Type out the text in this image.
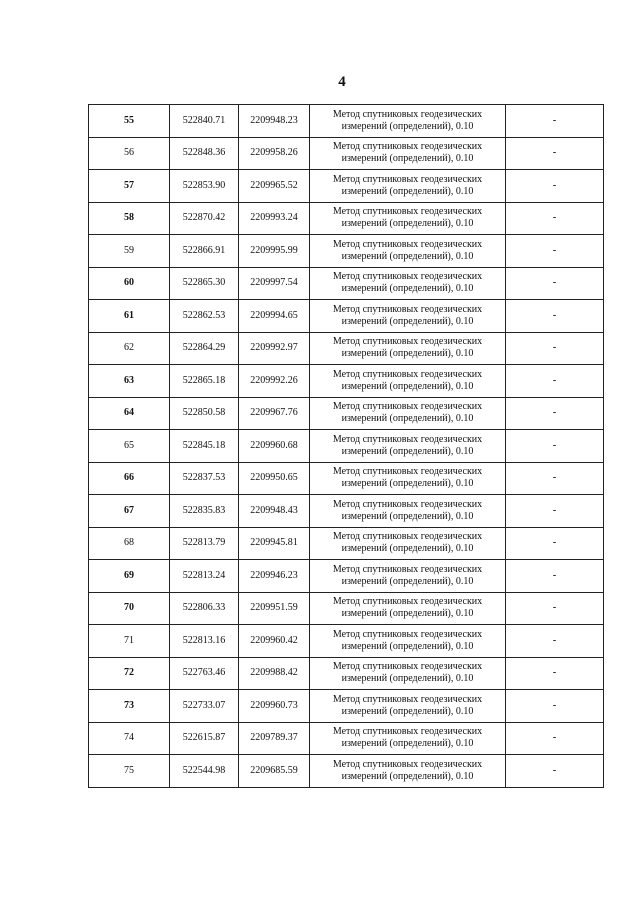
4
55	522840.71	2209948.23	Метод спутниковых геодезических
измерений (определений), 0.10	-
56	522848.36	2209958.26	Метод спутниковых геодезических
измерений (определений), 0.10	-
57	522853.90	2209965.52	Метод спутниковых геодезических
измерений (определений), 0.10	-
58	522870.42	2209993.24	Метод спутниковых геодезических
измерений (определений), 0.10	-
59	522866.91	2209995.99	Метод спутниковых геодезических
измерений (определений), 0.10	-
60	522865.30	2209997.54	Метод спутниковых геодезических
измерений (определений), 0.10	-
61	522862.53	2209994.65	Метод спутниковых геодезических
измерений (определений), 0.10	-
62	522864.29	2209992.97	Метод спутниковых геодезических
измерений (определений), 0.10	-
63	522865.18	2209992.26	Метод спутниковых геодезических
измерений (определений), 0.10	-
64	522850.58	2209967.76	Метод спутниковых геодезических
измерений (определений), 0.10	-
65	522845.18	2209960.68	Метод спутниковых геодезических
измерений (определений), 0.10	-
66	522837.53	2209950.65	Метод спутниковых геодезических
измерений (определений), 0.10	-
67	522835.83	2209948.43	Метод спутниковых геодезических
измерений (определений), 0.10	-
68	522813.79	2209945.81	Метод спутниковых геодезических
измерений (определений), 0.10	-
69	522813.24	2209946.23	Метод спутниковых геодезических
измерений (определений), 0.10	-
70	522806.33	2209951.59	Метод спутниковых геодезических
измерений (определений), 0.10	-
71	522813.16	2209960.42	Метод спутниковых геодезических
измерений (определений), 0.10	-
72	522763.46	2209988.42	Метод спутниковых геодезических
измерений (определений), 0.10	-
73	522733.07	2209960.73	Метод спутниковых геодезических
измерений (определений), 0.10	-
74	522615.87	2209789.37	Метод спутниковых геодезических
измерений (определений), 0.10	-
75	522544.98	2209685.59	Метод спутниковых геодезических
измерений (определений), 0.10	-
